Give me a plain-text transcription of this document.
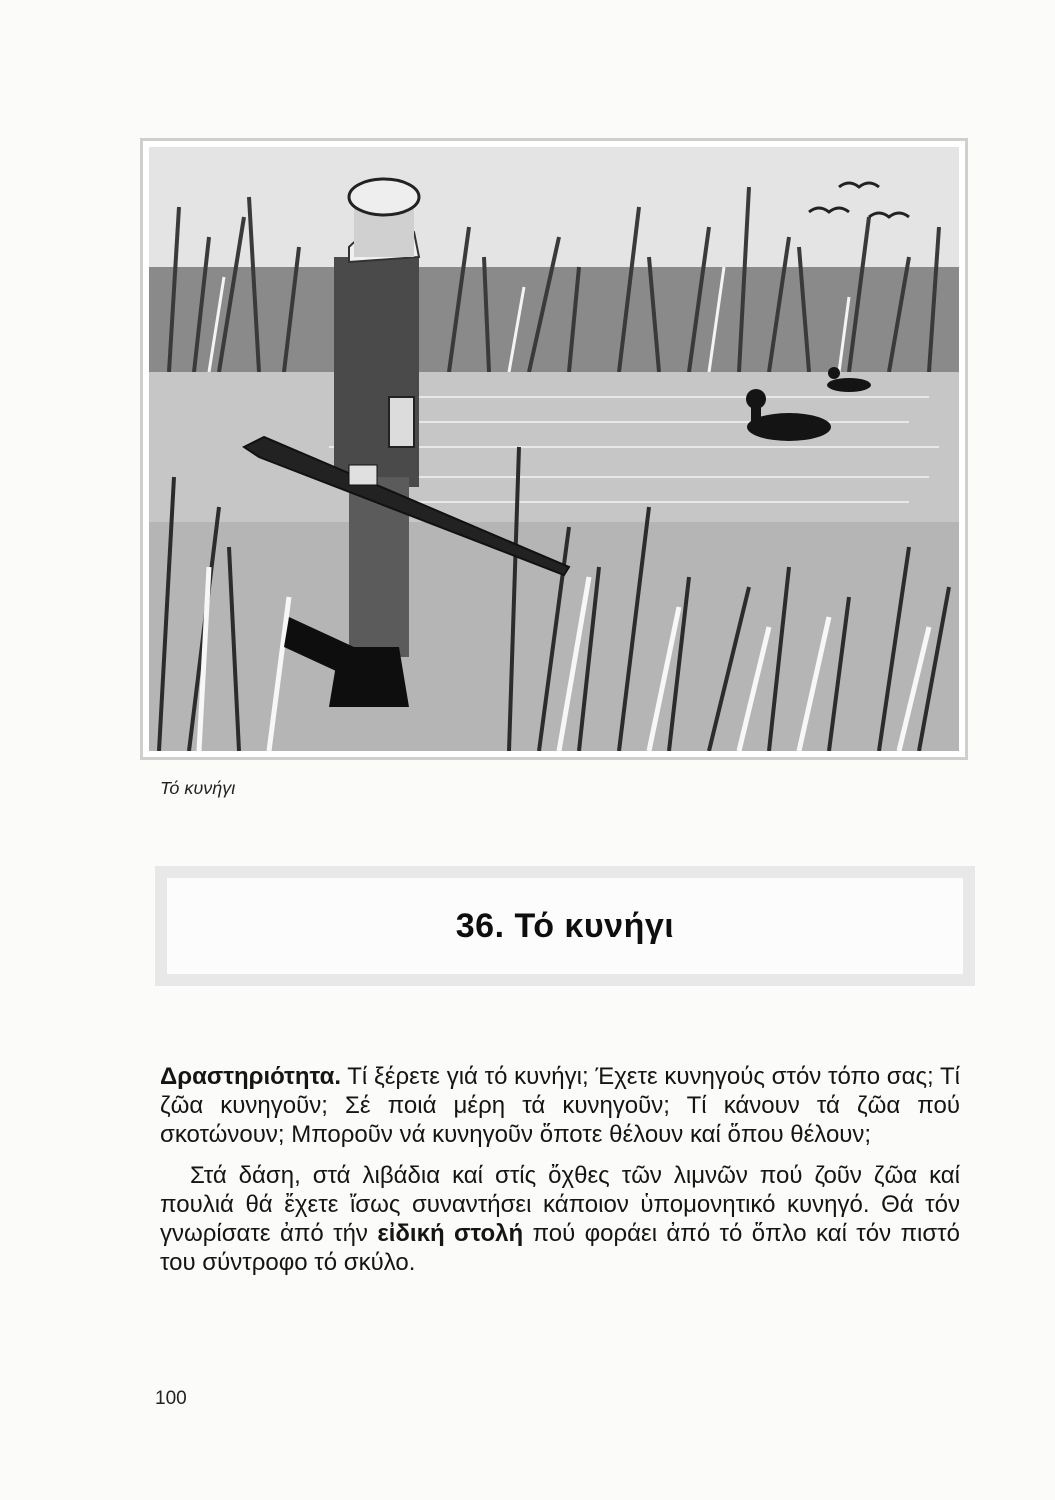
Τό κυνήγι
36. Τό κυνήγι

Δραστηριότητα. Τί ξέρετε γιά τό κυνήγι; Έχετε κυνηγούς στόν τόπο σας; Τί ζῶα κυνηγοῦν; Σέ ποιά μέρη τά κυνηγοῦν; Τί κάνουν τά ζῶα πού σκοτώνουν; Μποροῦν νά κυνηγοῦν ὅποτε θέλουν καί ὅπου θέλουν;

Στά δάση, στά λιβάδια καί στίς ὄχθες τῶν λιμνῶν πού ζοῦν ζῶα καί πουλιά θά ἔχετε ἴσως συναντήσει κάποιον ὑπομονητικό κυνηγό. Θά τόν γνωρίσατε ἀπό τήν εἰδική στολή πού φοράει ἀπό τό ὅπλο καί τόν πιστό του σύντροφο τό σκύλο.

100
